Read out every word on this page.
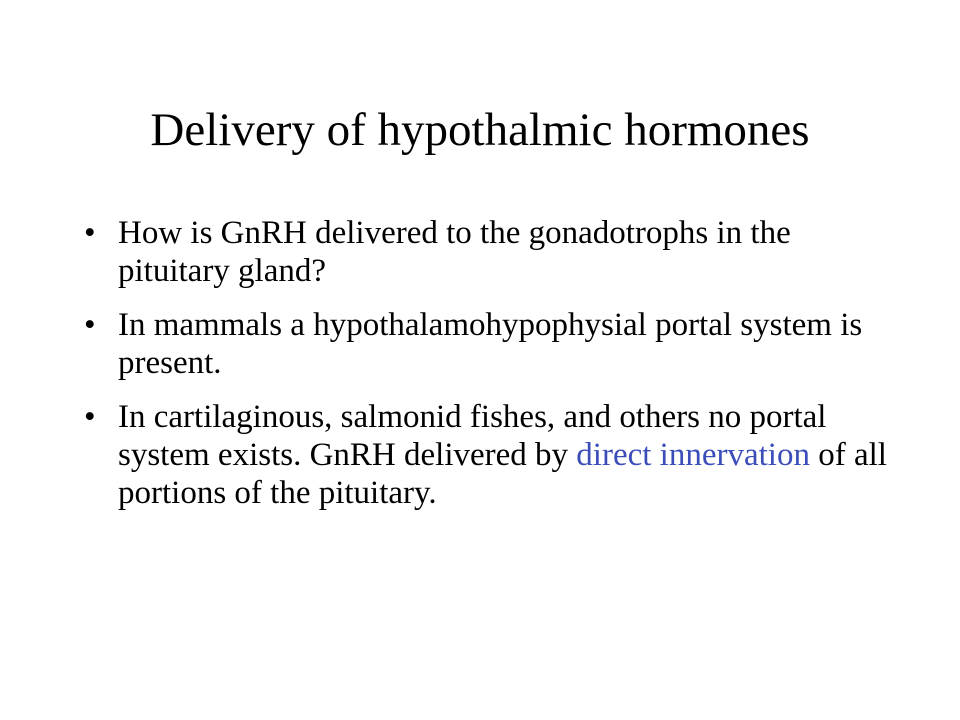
Delivery of hypothalmic hormones
• How is GnRH delivered to the gonadotrophs in the pituitary gland?
• In mammals a hypothalamohypophysial portal system is present.
• In cartilaginous, salmonid fishes, and others no portal system exists. GnRH delivered by direct innervation of all portions of the pituitary.
